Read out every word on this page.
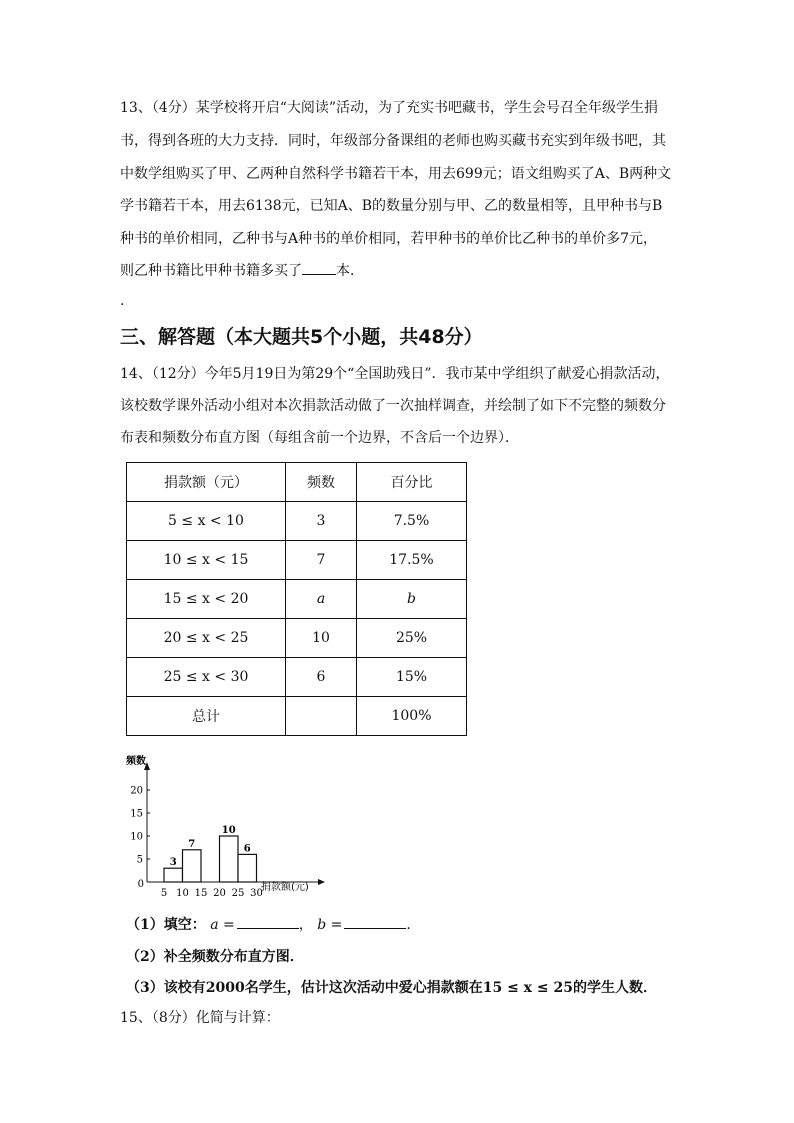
13、（4分）某学校将开启“大阅读”活动，为了充实书吧藏书，学生会号召全年级学生捐
书，得到各班的大力支持．同时，年级部分备课组的老师也购买藏书充实到年级书吧，其
中数学组购买了甲、乙两种自然科学书籍若干本，用去699元；语文组购买了A、B两种文
学书籍若干本，用去6138元，已知A、B的数量分别与甲、乙的数量相等，且甲种书与B
种书的单价相同，乙种书与A种书的单价相同，若甲种书的单价比乙种书的单价多7元，
则乙种书籍比甲种书籍多买了 本．
.
三、解答题（本大题共5个小题，共48分）
14、（12分）今年5月19日为第29个“全国助残日”．我市某中学组织了献爱心捐款活动，
该校数学课外活动小组对本次捐款活动做了一次抽样调查，并绘制了如下不完整的频数分
布表和频数分布直方图（每组含前一个边界，不含后一个边界）．
捐款额（元）	频数	百分比
5 ≤ x < 10	3	7.5%
10 ≤ x < 15	7	17.5%
15 ≤ x < 20	a	b
20 ≤ x < 25	10	25%
25 ≤ x < 30	6	15%
总计		100%
频数
捐款额(元)
0
5
10
15
20
5 10 15 20 25 30
3
7
10
6
（1）填空： a =	， b =	．
（2）补全频数分布直方图．
（3）该校有2000名学生，估计这次活动中爱心捐款额在15 ≤ x ≤ 25的学生人数．
15、（8分）化简与计算：
